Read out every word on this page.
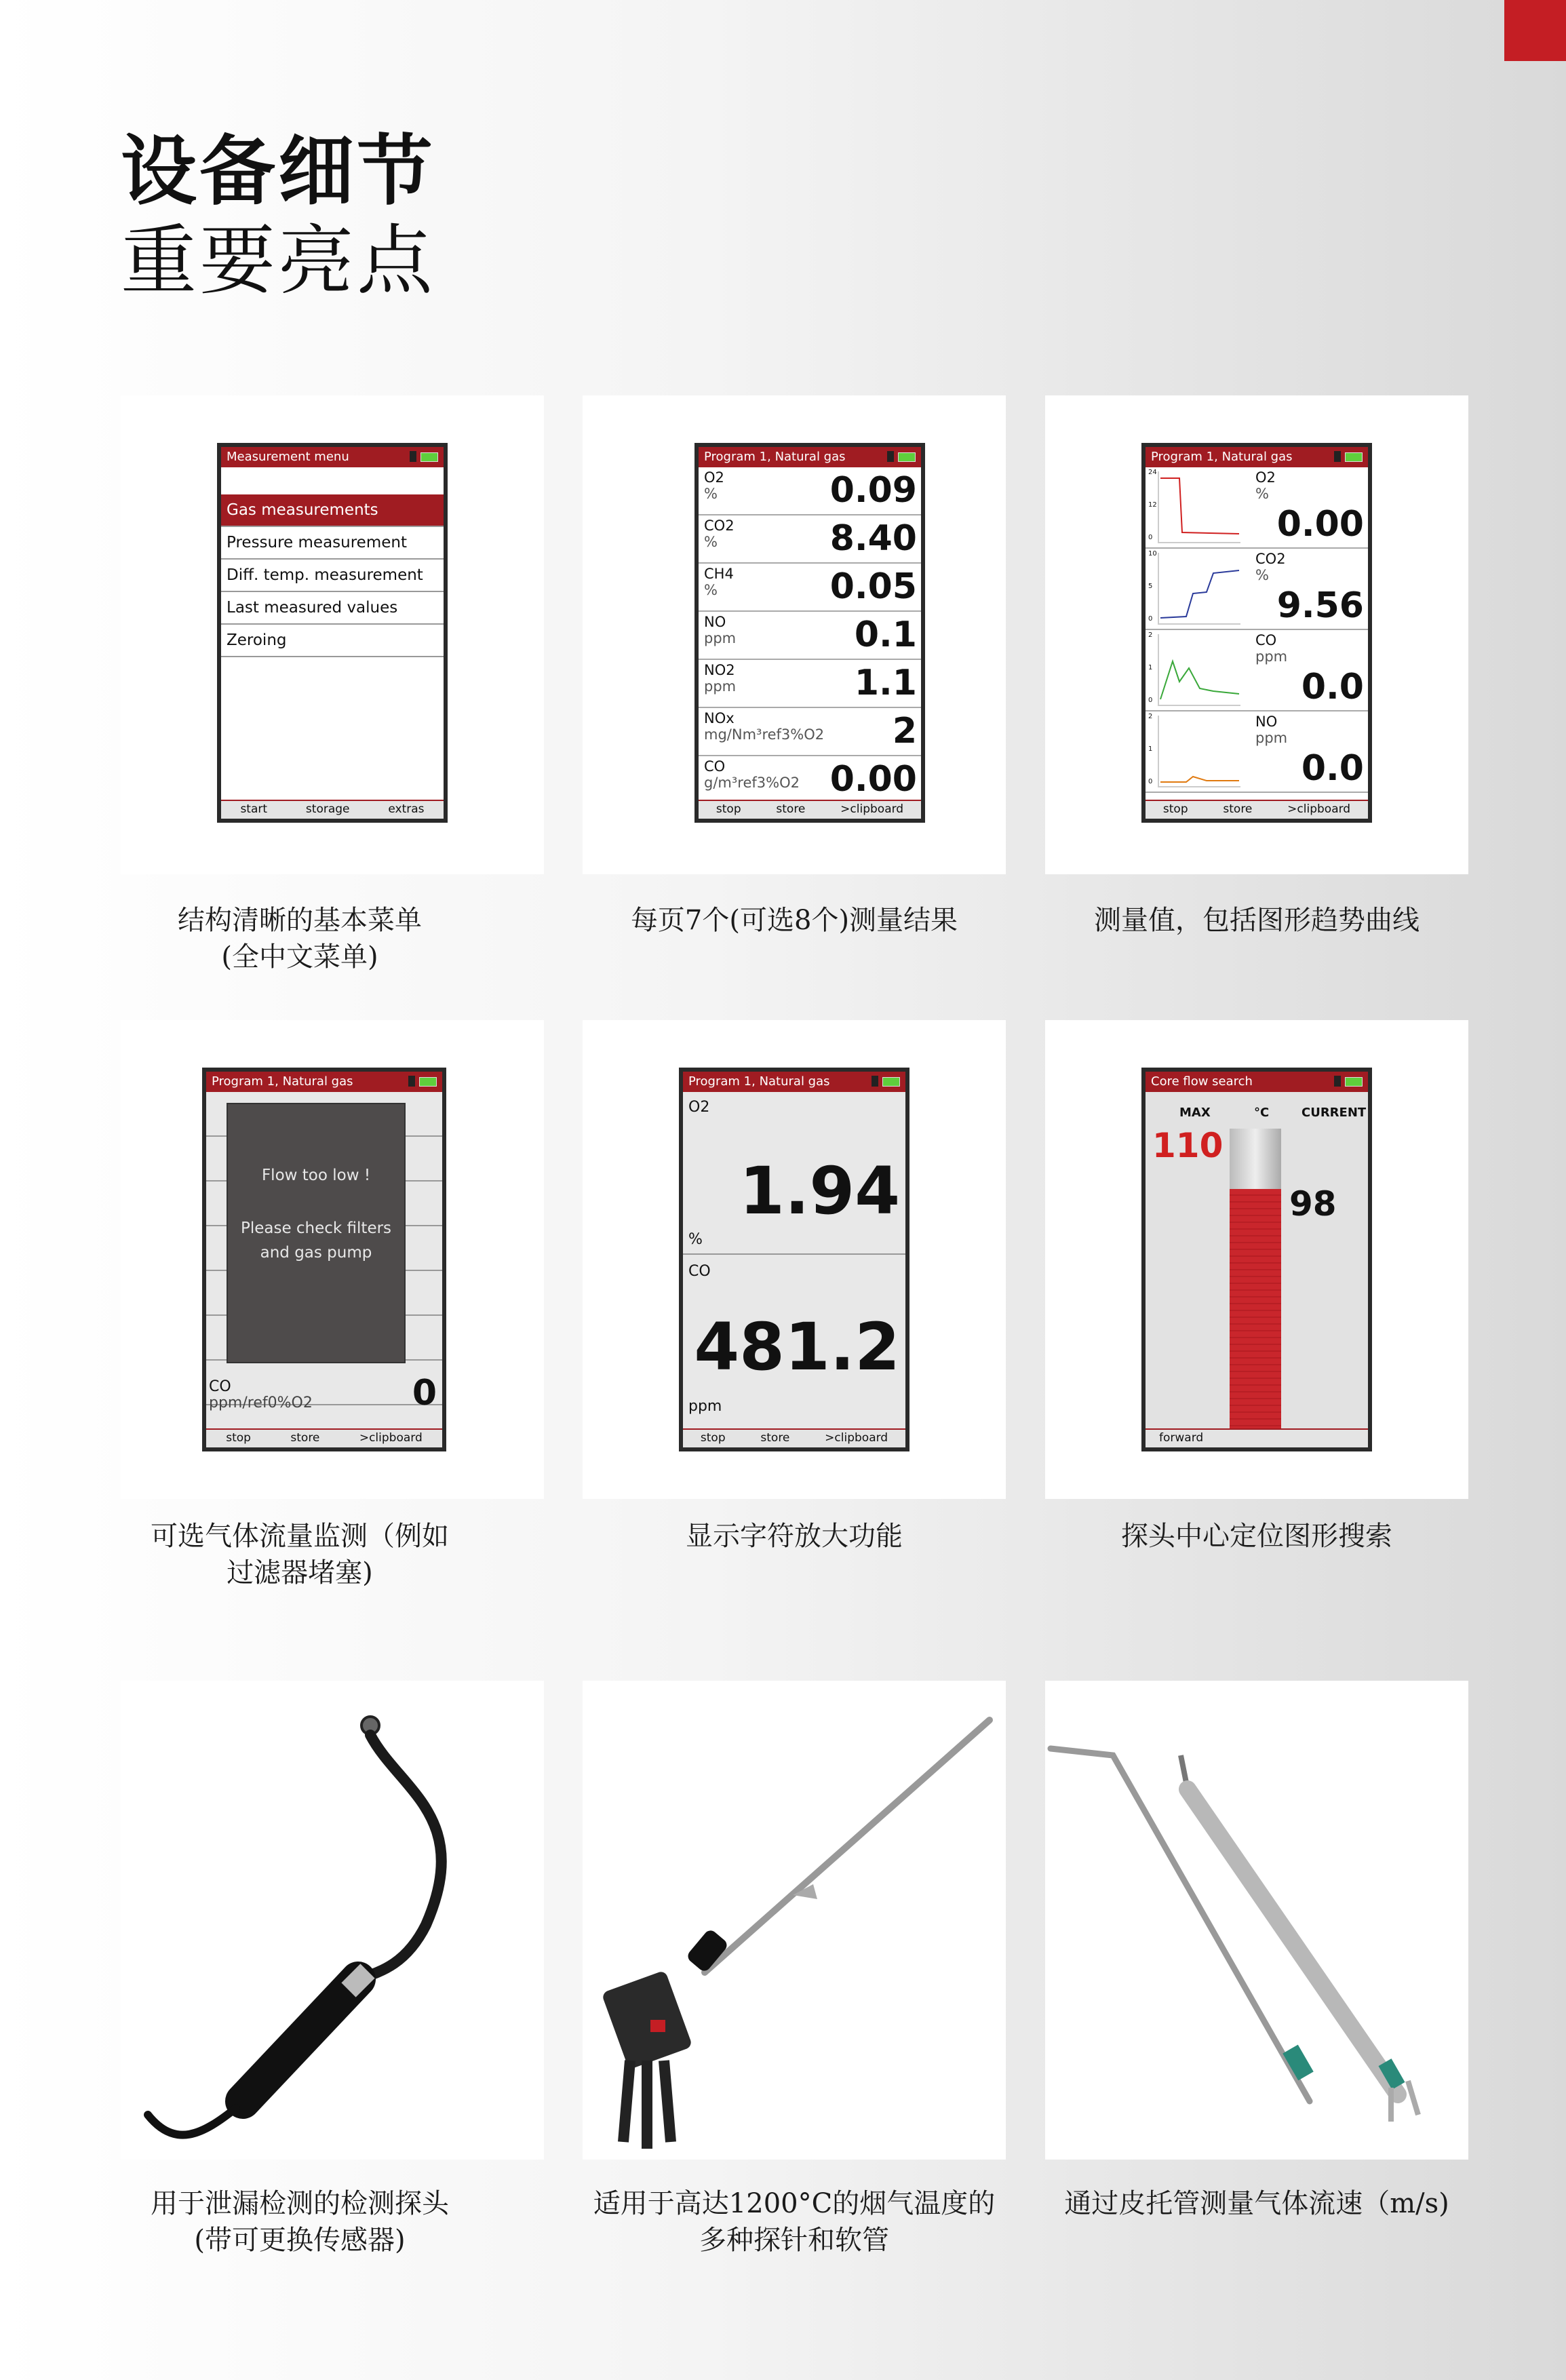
设备细节
重要亮点
Measurement menu
Gas measurements
Pressure measurement
Diff. temp. measurement
Last measured values
Zeroing
start	storage	extras
结构清晰的基本菜单
(全中文菜单)
Program 1, Natural gas
O2
%	0.09
CO2
%	8.40
CH4
%	0.05
NO
ppm	0.1
NO2
ppm	1.1
NOx
mg/Nm³ref3%O2 2
CO
g/m³ref3%O2 0.00
stop	store	>clipboard
每页7个(可选8个)测量结果
Program 1, Natural gas
24
12
0
O2
%
0.00
10
5
0
CO2
%
9.56
2
1
0
CO
ppm
0.0
2
1
0
NO
ppm
0.0
stop	store	>clipboard
测量值，包括图形趋势曲线
Program 1, Natural gas
Flow too low !
Please check filters
and gas pump
CO
ppm/ref0%O2	0
stop	store	>clipboard
可选气体流量监测（例如
过滤器堵塞)
Program 1, Natural gas
O2
1.94
%
CO
481.2
ppm
stop	store	>clipboard
显示字符放大功能
Core flow search
MAX	°C	CURRENT
110
98
forward
探头中心定位图形搜索
用于泄漏检测的检测探头
(带可更换传感器)
适用于高达1200°C的烟气温度的
多种探针和软管
通过皮托管测量气体流速（m/s)
